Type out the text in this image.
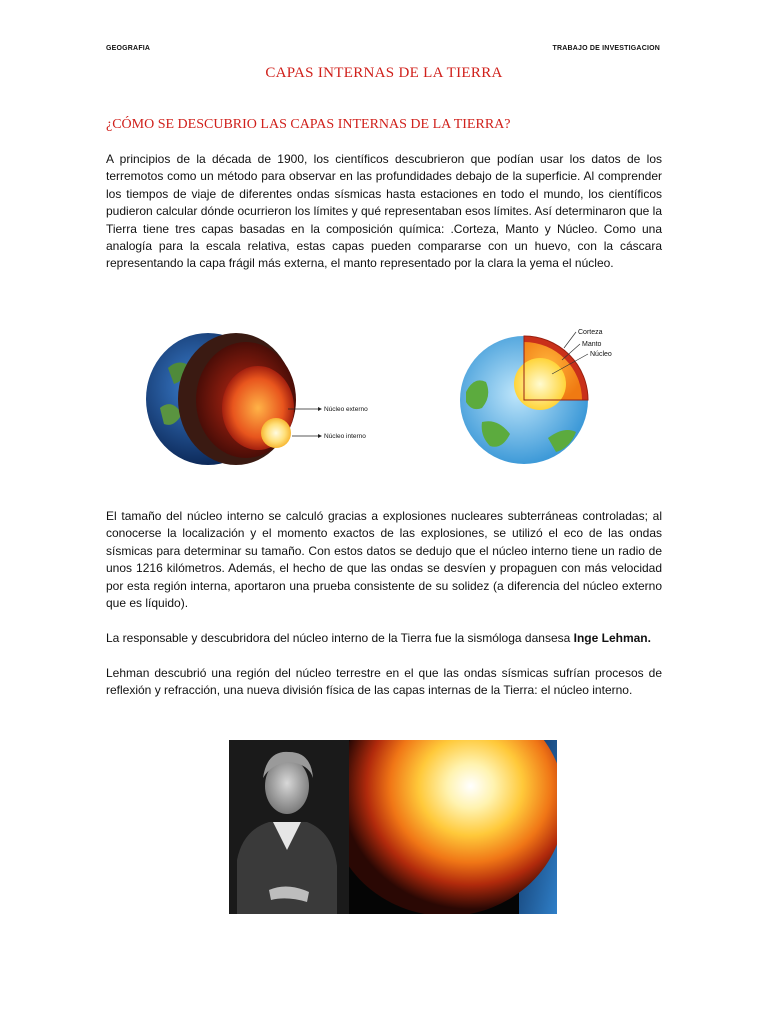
GEOGRAFIA	TRABAJO DE INVESTIGACION
CAPAS INTERNAS DE LA TIERRA
¿CÓMO SE DESCUBRIO LAS CAPAS INTERNAS DE LA TIERRA?

A principios de la década de 1900, los científicos descubrieron que podían usar los datos de los terremotos como un método para observar en las profundidades debajo de la superficie. Al comprender los tiempos de viaje de diferentes ondas sísmicas hasta estaciones en todo el mundo, los científicos pudieron calcular dónde ocurrieron los límites y qué representaban esos límites. Así determinaron que la Tierra tiene tres capas basadas en la composición química: .Corteza, Manto y Núcleo. Como una analogía para la escala relativa, estas capas pueden compararse con un huevo, con la cáscara representando la capa frágil más externa, el manto representado por la clara la yema el núcleo.

Núcleo externo
Núcleo interno
Corteza
Manto
Núcleo

El tamaño del núcleo interno se calculó gracias a explosiones nucleares subterráneas controladas; al conocerse la localización y el momento exactos de las explosiones, se utilizó el eco de las ondas sísmicas para determinar su tamaño. Con estos datos se dedujo que el núcleo interno tiene un radio de unos 1216 kilómetros. Además, el hecho de que las ondas se desvíen y propaguen con más velocidad por esta región interna, aportaron una prueba consistente de su solidez (a diferencia del núcleo externo que es líquido).

La responsable y descubridora del núcleo interno de la Tierra fue la sismóloga dansesa Inge Lehman.

Lehman descubrió una región del núcleo terrestre en el que las ondas sísmicas sufrían procesos de reflexión y refracción, una nueva división física de las capas internas de la Tierra: el núcleo interno.
